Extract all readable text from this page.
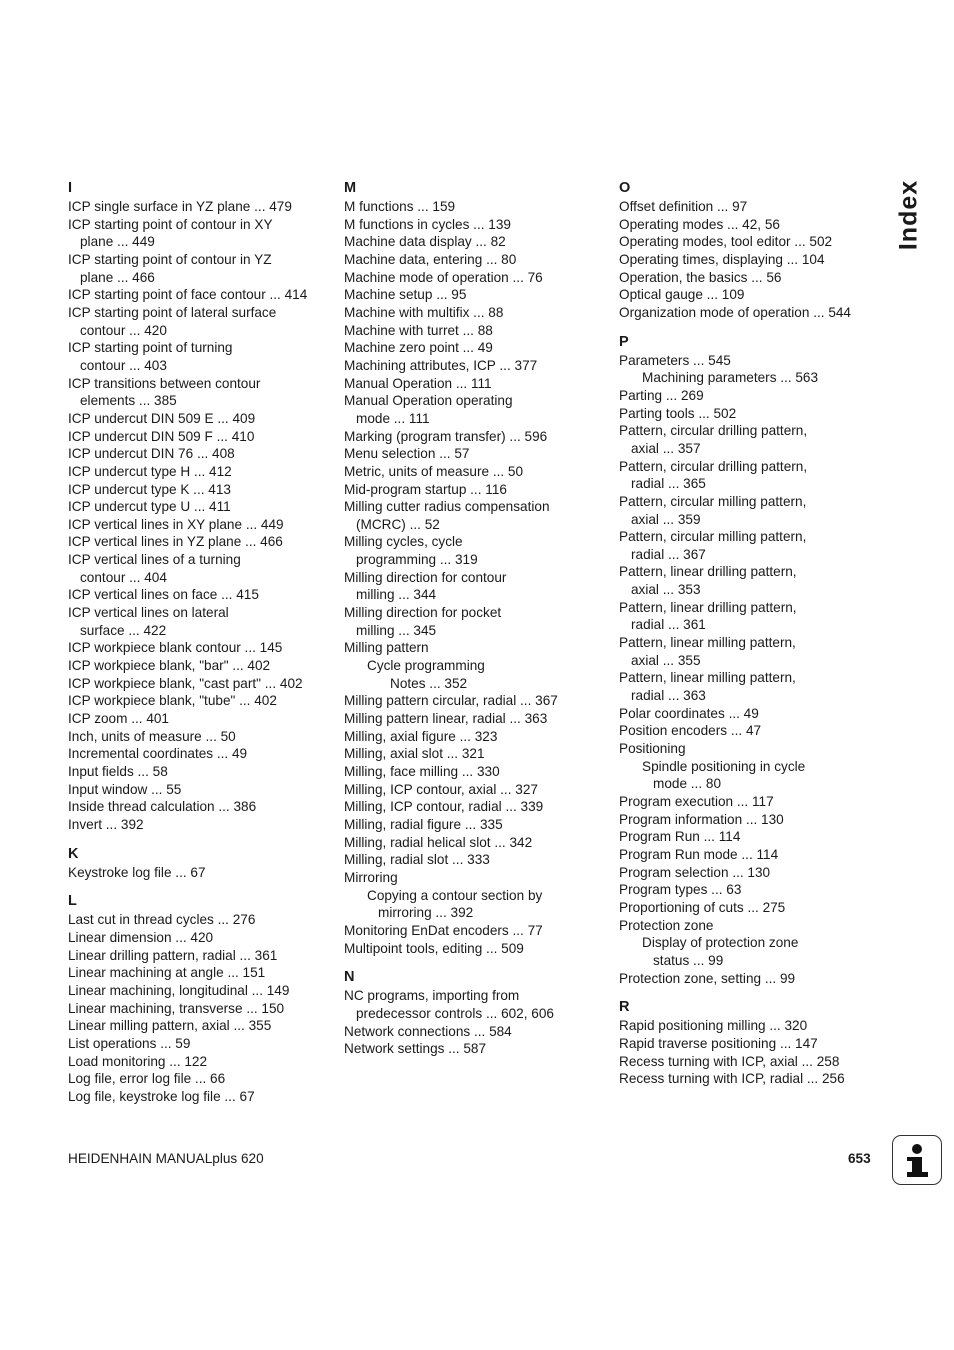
I
ICP single surface in YZ plane ... 479
ICP starting point of contour in XY
plane ... 449
ICP starting point of contour in YZ
plane ... 466
ICP starting point of face contour ... 414
ICP starting point of lateral surface
contour ... 420
ICP starting point of turning
contour ... 403
ICP transitions between contour
elements ... 385
ICP undercut DIN 509 E ... 409
ICP undercut DIN 509 F ... 410
ICP undercut DIN 76 ... 408
ICP undercut type H ... 412
ICP undercut type K ... 413
ICP undercut type U ... 411
ICP vertical lines in XY plane ... 449
ICP vertical lines in YZ plane ... 466
ICP vertical lines of a turning
contour ... 404
ICP vertical lines on face ... 415
ICP vertical lines on lateral
surface ... 422
ICP workpiece blank contour ... 145
ICP workpiece blank, "bar" ... 402
ICP workpiece blank, "cast part" ... 402
ICP workpiece blank, "tube" ... 402
ICP zoom ... 401
Inch, units of measure ... 50
Incremental coordinates ... 49
Input fields ... 58
Input window ... 55
Inside thread calculation ... 386
Invert ... 392
K
Keystroke log file ... 67
L
Last cut in thread cycles ... 276
Linear dimension ... 420
Linear drilling pattern, radial ... 361
Linear machining at angle ... 151
Linear machining, longitudinal ... 149
Linear machining, transverse ... 150
Linear milling pattern, axial ... 355
List operations ... 59
Load monitoring ... 122
Log file, error log file ... 66
Log file, keystroke log file ... 67
M
M functions ... 159
M functions in cycles ... 139
Machine data display ... 82
Machine data, entering ... 80
Machine mode of operation ... 76
Machine setup ... 95
Machine with multifix ... 88
Machine with turret ... 88
Machine zero point ... 49
Machining attributes, ICP ... 377
Manual Operation ... 111
Manual Operation operating
mode ... 111
Marking (program transfer) ... 596
Menu selection ... 57
Metric, units of measure ... 50
Mid-program startup ... 116
Milling cutter radius compensation
(MCRC) ... 52
Milling cycles, cycle
programming ... 319
Milling direction for contour
milling ... 344
Milling direction for pocket
milling ... 345
Milling pattern
Cycle programming
Notes ... 352
Milling pattern circular, radial ... 367
Milling pattern linear, radial ... 363
Milling, axial figure ... 323
Milling, axial slot ... 321
Milling, face milling ... 330
Milling, ICP contour, axial ... 327
Milling, ICP contour, radial ... 339
Milling, radial figure ... 335
Milling, radial helical slot ... 342
Milling, radial slot ... 333
Mirroring
Copying a contour section by
mirroring ... 392
Monitoring EnDat encoders ... 77
Multipoint tools, editing ... 509
N
NC programs, importing from
predecessor controls ... 602, 606
Network connections ... 584
Network settings ... 587
O
Offset definition ... 97
Operating modes ... 42, 56
Operating modes, tool editor ... 502
Operating times, displaying ... 104
Operation, the basics ... 56
Optical gauge ... 109
Organization mode of operation ... 544
P
Parameters ... 545
Machining parameters ... 563
Parting ... 269
Parting tools ... 502
Pattern, circular drilling pattern,
axial ... 357
Pattern, circular drilling pattern,
radial ... 365
Pattern, circular milling pattern,
axial ... 359
Pattern, circular milling pattern,
radial ... 367
Pattern, linear drilling pattern,
axial ... 353
Pattern, linear drilling pattern,
radial ... 361
Pattern, linear milling pattern,
axial ... 355
Pattern, linear milling pattern,
radial ... 363
Polar coordinates ... 49
Position encoders ... 47
Positioning
Spindle positioning in cycle
mode ... 80
Program execution ... 117
Program information ... 130
Program Run ... 114
Program Run mode ... 114
Program selection ... 130
Program types ... 63
Proportioning of cuts ... 275
Protection zone
Display of protection zone
status ... 99
Protection zone, setting ... 99
R
Rapid positioning milling ... 320
Rapid traverse positioning ... 147
Recess turning with ICP, axial ... 258
Recess turning with ICP, radial ... 256
Index
HEIDENHAIN MANUALplus 620	653
